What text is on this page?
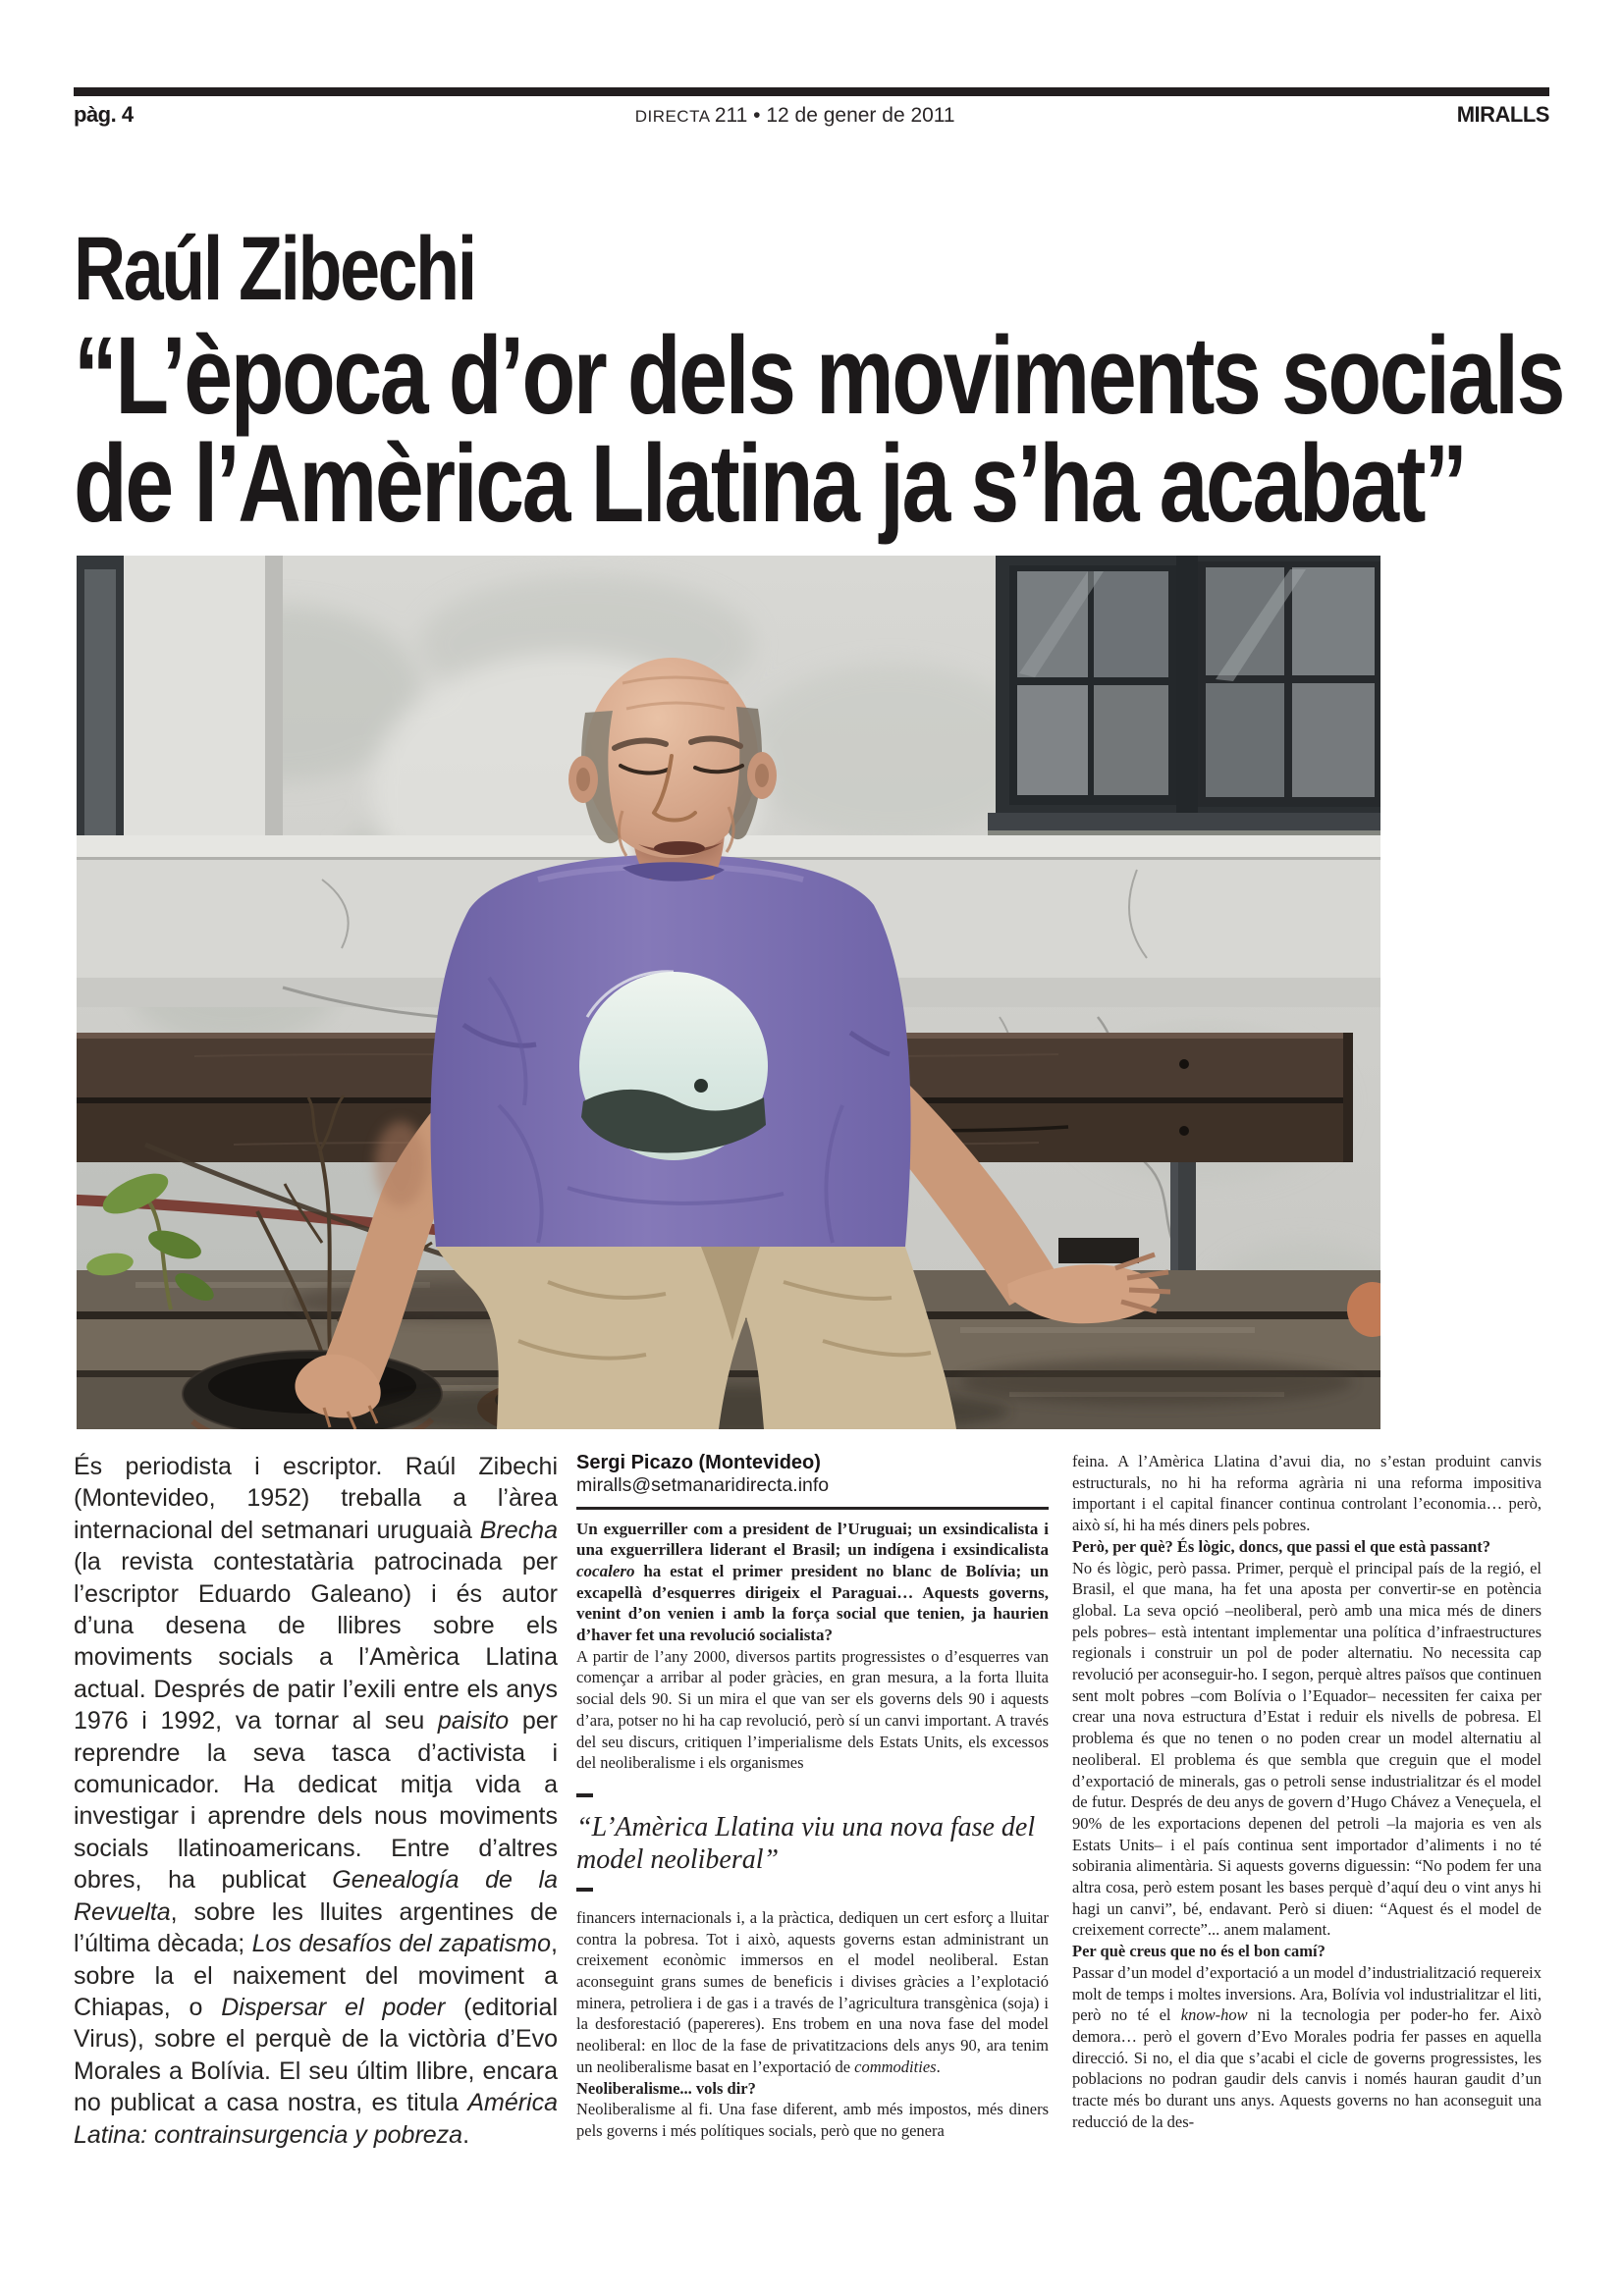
pàg. 4	DIRECTA 211 • 12 de gener de 2011	MIRALLS
Raúl Zibechi
“L’època d’or dels moviments socials
de l’Amèrica Llatina ja s’ha acabat”
És periodista i escriptor. Raúl Zibechi (Montevideo, 1952) treballa a l’àrea internacional del setmanari uruguaià Brecha (la revista contestatària patrocinada per l’escriptor Eduardo Galeano) i és autor d’una desena de llibres sobre els moviments socials a l’Amèrica Llatina actual. Després de patir l’exili entre els anys 1976 i 1992, va tornar al seu paisito per reprendre la seva tasca d’activista i comunicador. Ha dedicat mitja vida a investigar i aprendre dels nous moviments socials llatinoamericans. Entre d’altres obres, ha publicat Genealogía de la Revuelta, sobre les lluites argentines de l’última dècada; Los desafíos del zapatismo, sobre la el naixement del moviment a Chiapas, o Dispersar el poder (editorial Virus), sobre el perquè de la victòria d’Evo Morales a Bolívia. El seu últim llibre, encara no publicat a casa nostra, es titula América Latina: contrainsurgencia y pobreza.
Sergi Picazo (Montevideo)
miralls@setmanaridirecta.info

Un exguerriller com a president de l’Uruguai; un exsindicalista i una exguerrillera liderant el Brasil; un indígena i exsindicalista cocalero ha estat el primer president no blanc de Bolívia; un excapellà d’esquerres dirigeix el Paraguai… Aquests governs, venint d’on venien i amb la força social que tenien, ja haurien d’haver fet una revolució socialista?

A partir de l’any 2000, diversos partits progressistes o d’esquerres van començar a arribar al poder gràcies, en gran mesura, a la forta lluita social dels 90. Si un mira el que van ser els governs dels 90 i aquests d’ara, potser no hi ha cap revolució, però sí un canvi important. A través del seu discurs, critiquen l’imperialisme dels Estats Units, els excessos del neoliberalisme i els organismes

“L’Amèrica Llatina viu una nova fase del model neoliberal”

financers internacionals i, a la pràctica, dediquen un cert esforç a lluitar contra la pobresa. Tot i això, aquests governs estan administrant un creixement econòmic immersos en el model neoliberal. Estan aconseguint grans sumes de beneficis i divises gràcies a l’explotació minera, petroliera i de gas i a través de l’agricultura transgènica (soja) i la desforestació (papereres). Ens trobem en una nova fase del model neoliberal: en lloc de la fase de privatitzacions dels anys 90, ara tenim un neoliberalisme basat en l’exportació de commodities.

Neoliberalisme... vols dir?

Neoliberalisme al fi. Una fase diferent, amb més impostos, més diners pels governs i més polítiques socials, però que no genera

feina. A l’Amèrica Llatina d’avui dia, no s’estan produint canvis estructurals, no hi ha reforma agrària ni una reforma impositiva important i el capital financer continua controlant l’economia… però, això sí, hi ha més diners pels pobres.

Però, per què? És lògic, doncs, que passi el que està passant?

No és lògic, però passa. Primer, perquè el principal país de la regió, el Brasil, el que mana, ha fet una aposta per convertir-se en potència global. La seva opció –neoliberal, però amb una mica més de diners pels pobres– està intentant implementar una política d’infraestructures regionals i construir un pol de poder alternatiu. No necessita cap revolució per aconseguir-ho. I segon, perquè altres països que continuen sent molt pobres –com Bolívia o l’Equador– necessiten fer caixa per crear una nova estructura d’Estat i reduir els nivells de pobresa. El problema és que no tenen o no poden crear un model alternatiu al neoliberal. El problema és que sembla que creguin que el model d’exportació de minerals, gas o petroli sense industrialitzar és el model de futur. Després de deu anys de govern d’Hugo Chávez a Veneçuela, el 90% de les exportacions depenen del petroli –la majoria es ven als Estats Units– i el país continua sent importador d’aliments i no té sobirania alimentària. Si aquests governs diguessin: “No podem fer una altra cosa, però estem posant les bases perquè d’aquí deu o vint anys hi hagi un canvi”, bé, endavant. Però si diuen: “Aquest és el model de creixement correcte”... anem malament.

Per què creus que no és el bon camí?

Passar d’un model d’exportació a un model d’industrialització requereix molt de temps i moltes inversions. Ara, Bolívia vol industrialitzar el liti, però no té el know-how ni la tecnologia per poder-ho fer. Això demora… però el govern d’Evo Morales podria fer passes en aquella direcció. Si no, el dia que s’acabi el cicle de governs progressistes, les poblacions no podran gaudir dels canvis i només hauran gaudit d’un tracte més bo durant uns anys. Aquests governs no han aconseguit una reducció de la des-
